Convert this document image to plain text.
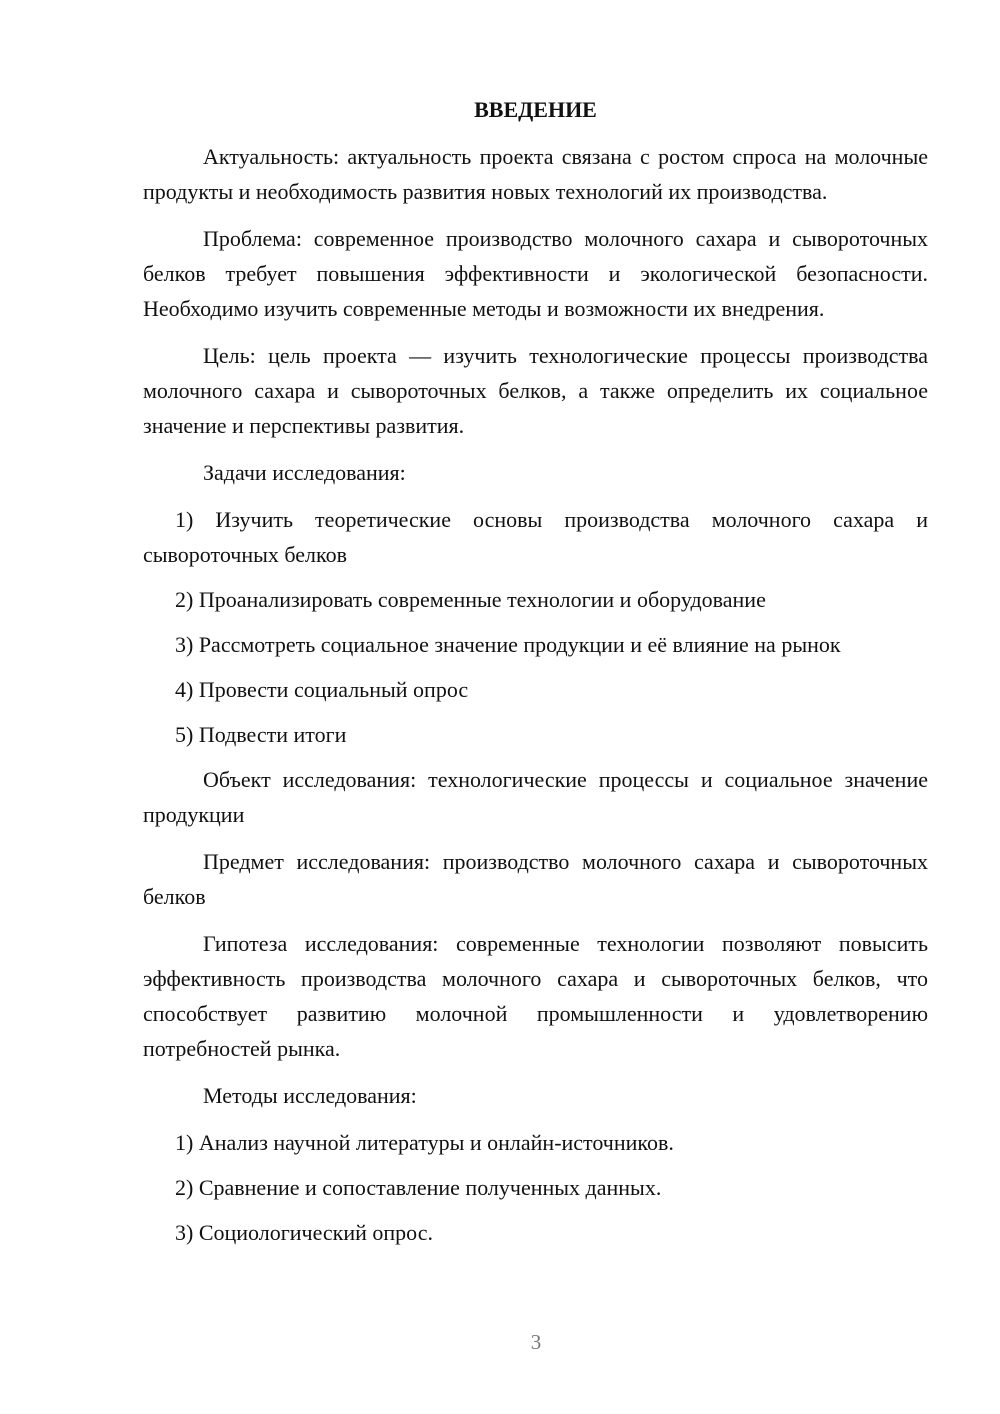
ВВЕДЕНИЕ

Актуальность: актуальность проекта связана с ростом спроса на молочные продукты и необходимость развития новых технологий их производства.

Проблема: современное производство молочного сахара и сывороточных белков требует повышения эффективности и экологической безопасности. Необходимо изучить современные методы и возможности их внедрения.

Цель: цель проекта — изучить технологические процессы производства молочного сахара и сывороточных белков, а также определить их социальное значение и перспективы развития.

Задачи исследования:

1) Изучить теоретические основы производства молочного сахара и сывороточных белков

2) Проанализировать современные технологии и оборудование

3) Рассмотреть социальное значение продукции и её влияние на рынок

4) Провести социальный опрос

5) Подвести итоги

Объект исследования: технологические процессы и социальное значение продукции

Предмет исследования: производство молочного сахара и сывороточных белков

Гипотеза исследования: современные технологии позволяют повысить эффективность производства молочного сахара и сывороточных белков, что способствует развитию молочной промышленности и удовлетворению потребностей рынка.

Методы исследования:

1) Анализ научной литературы и онлайн-источников.

2) Сравнение и сопоставление полученных данных.

3) Социологический опрос.

3
